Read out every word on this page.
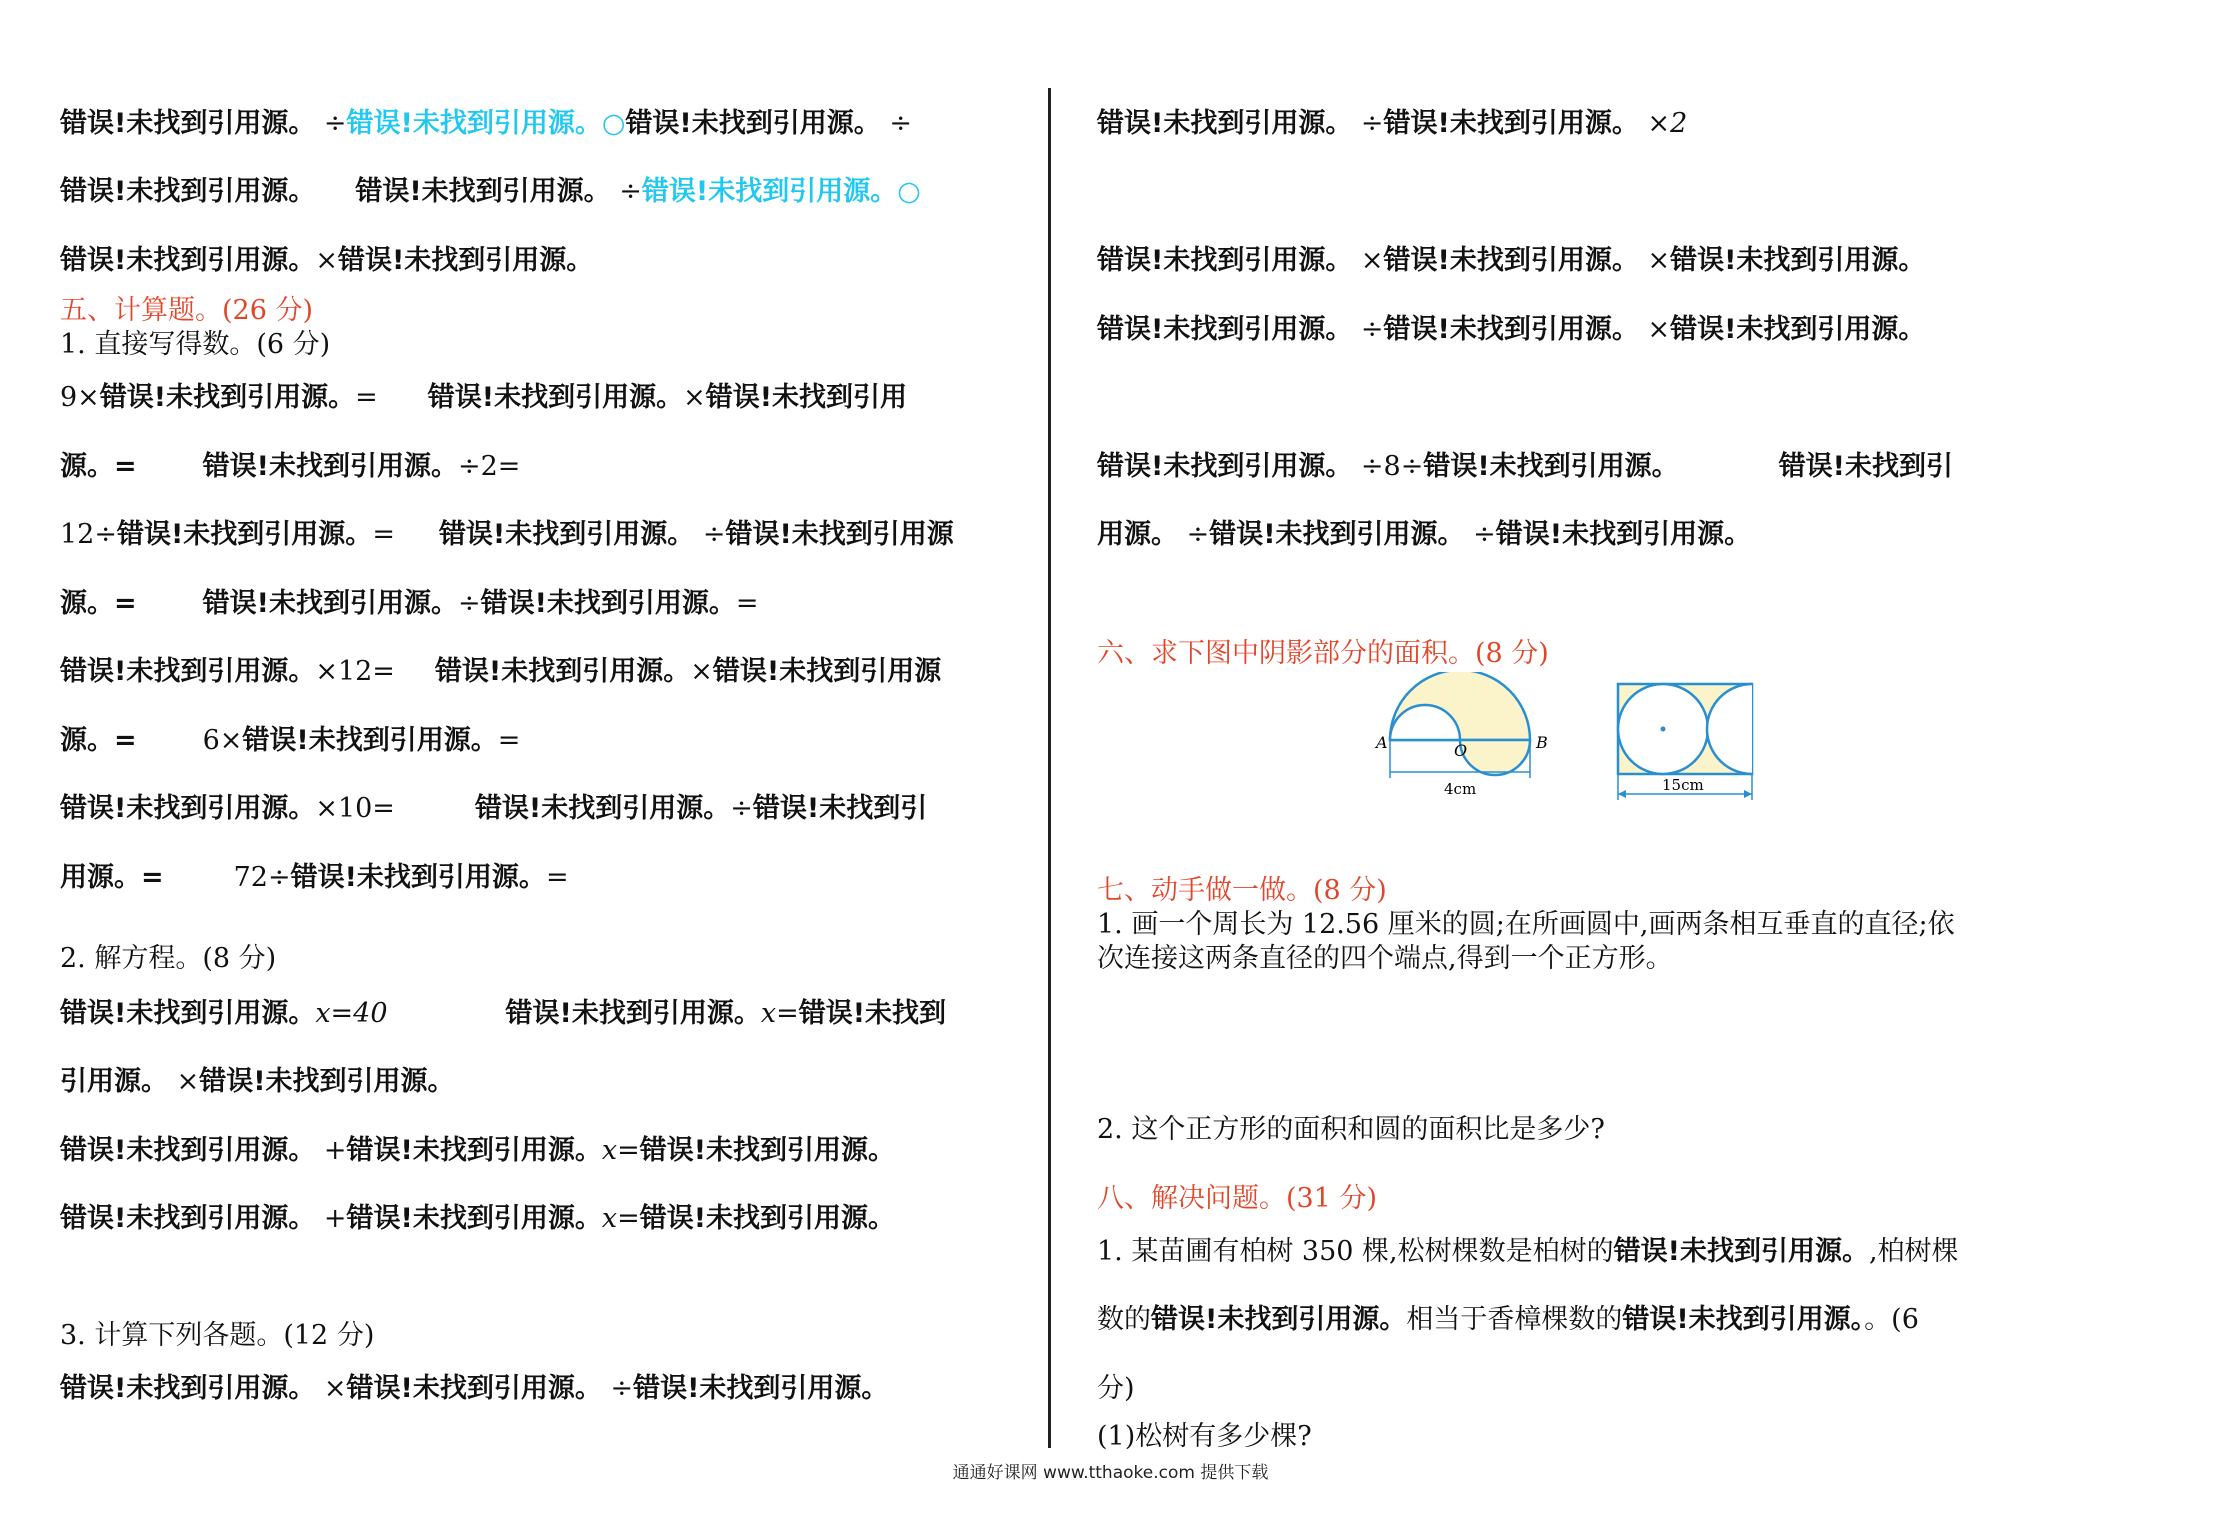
错误!未找到引用源。 ÷错误!未找到引用源。○错误!未找到引用源。 ÷
错误!未找到引用源。 错误!未找到引用源。 ÷错误!未找到引用源。○
错误!未找到引用源。×错误!未找到引用源。
五、计算题。(26 分)
1. 直接写得数。(6 分)
9×错误!未找到引用源。= 错误!未找到引用源。×错误!未找到引用
源。= 错误!未找到引用源。÷2=
12÷错误!未找到引用源。= 错误!未找到引用源。 ÷错误!未找到引用源
源。= 错误!未找到引用源。÷错误!未找到引用源。=
错误!未找到引用源。×12= 错误!未找到引用源。×错误!未找到引用源
源。= 6×错误!未找到引用源。=
错误!未找到引用源。×10=	错误!未找到引用源。÷错误!未找到引
用源。=	72÷错误!未找到引用源。=
2. 解方程。(8 分)
错误!未找到引用源。x=40	错误!未找到引用源。x=错误!未找到
引用源。 ×错误!未找到引用源。
错误!未找到引用源。 +错误!未找到引用源。x=错误!未找到引用源。
错误!未找到引用源。 +错误!未找到引用源。x=错误!未找到引用源。
3. 计算下列各题。(12 分)
错误!未找到引用源。 ×错误!未找到引用源。 ÷错误!未找到引用源。
错误!未找到引用源。 ÷错误!未找到引用源。 ×2
错误!未找到引用源。 ×错误!未找到引用源。 ×错误!未找到引用源。
错误!未找到引用源。 ÷错误!未找到引用源。 ×错误!未找到引用源。
错误!未找到引用源。 ÷8÷错误!未找到引用源。	错误!未找到引
用源。 ÷错误!未找到引用源。 ÷错误!未找到引用源。
六、求下图中阴影部分的面积。(8 分)
A	O	B
4cm	15cm
七、动手做一做。(8 分)
1. 画一个周长为 12.56 厘米的圆;在所画圆中,画两条相互垂直的直径;依
次连接这两条直径的四个端点,得到一个正方形。
2. 这个正方形的面积和圆的面积比是多少?
八、解决问题。(31 分)
1. 某苗圃有柏树 350 棵,松树棵数是柏树的错误!未找到引用源。,柏树棵
数的错误!未找到引用源。相当于香樟棵数的错误!未找到引用源。。(6
分)
(1)松树有多少棵?
通通好课网 www.tthaoke.com 提供下载
